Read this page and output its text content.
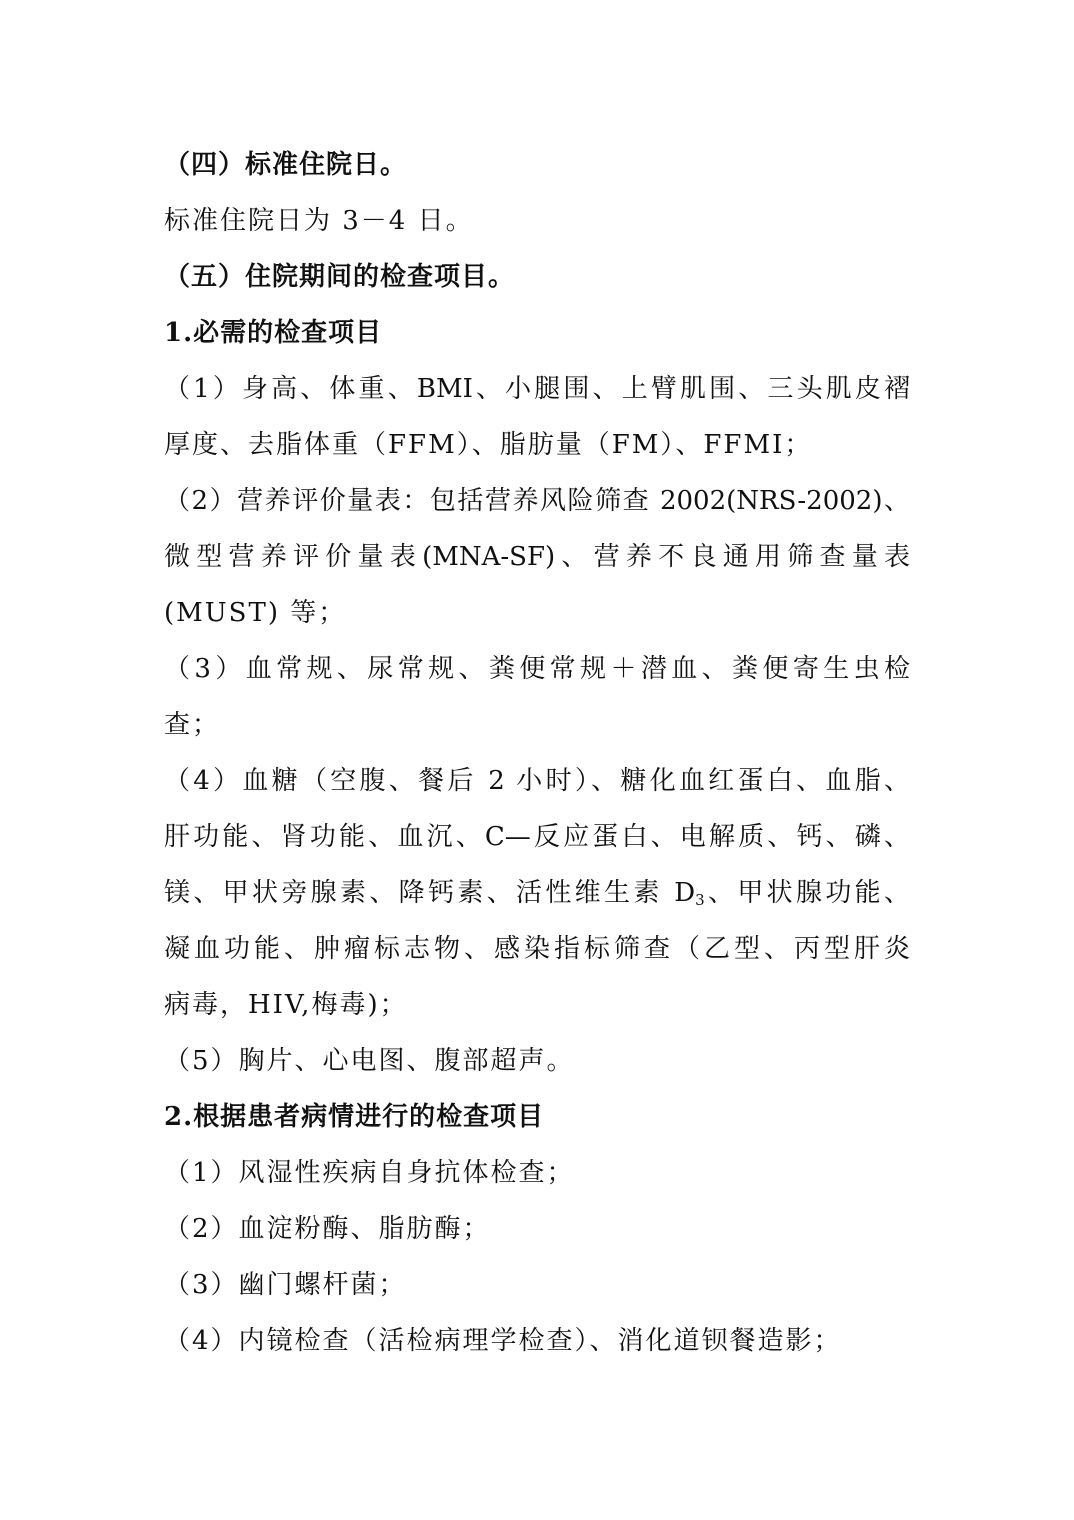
（四）标准住院日。
标准住院日为 3－4 日。
（五）住院期间的检查项目。
1.必需的检查项目
（1）身高、体重、BMI、小腿围、上臂肌围、三头肌皮褶
厚度、去脂体重（FFM）、脂肪量（FM）、FFMI；
（2）营养评价量表：包括营养风险筛查 2002(NRS-2002)、
微型营养评价量表(MNA-SF)、营养不良通用筛查量表
(MUST) 等；
（3）血常规、尿常规、粪便常规＋潜血、粪便寄生虫检
查；
（4）血糖（空腹、餐后 2 小时）、糖化血红蛋白、血脂、
肝功能、肾功能、血沉、C—反应蛋白、电解质、钙、磷、
镁、甲状旁腺素、降钙素、活性维生素 $D_3$、甲状腺功能、
凝血功能、肿瘤标志物、感染指标筛查（乙型、丙型肝炎
病毒，HIV,梅毒)；
（5）胸片、心电图、腹部超声。
2.根据患者病情进行的检查项目
（1）风湿性疾病自身抗体检查；
（2）血淀粉酶、脂肪酶；
（3）幽门螺杆菌；
（4）内镜检查（活检病理学检查）、消化道钡餐造影；
